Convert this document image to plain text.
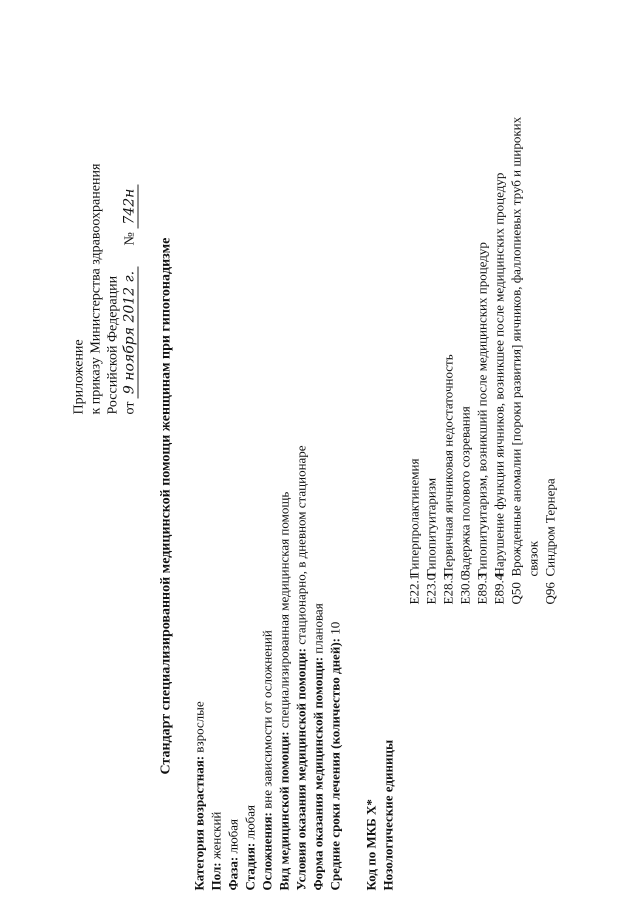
Приложение к приказу Министерства здравоохранения Российской Федерации от 9 ноября 2012 г. № 742н
Стандарт специализированной медицинской помощи женщинам при гипогонадизме
Категория возрастная: взрослые
Пол: женский
Фаза: любая
Стадия: любая Осложнения: вне зависимости от осложнений Вид медицинской помощи: специализированная медицинская помощь
Условия оказания медицинской помощи: стационарно, в дневном стационаре
Форма оказания медицинской помощи: плановая
Средние сроки лечения (количество дней): 10
Код по МКБ Х* Нозологические единицы
E22.1
Гиперпролактинемия
E23.0
Гипопитуитаризм
E28.3
Первичная яичниковая недостаточность
E30.0
Задержка полового созревания
E89.3
Гипопитуитаризм, возникший после медицинских процедур
E89.4
Нарушение функции яичников, возникшее после медицинских процедур
Q50
Врожденные аномалии [пороки развития] яичников, фаллопиевых труб и широких связок
Q96
Синдром Тернера
